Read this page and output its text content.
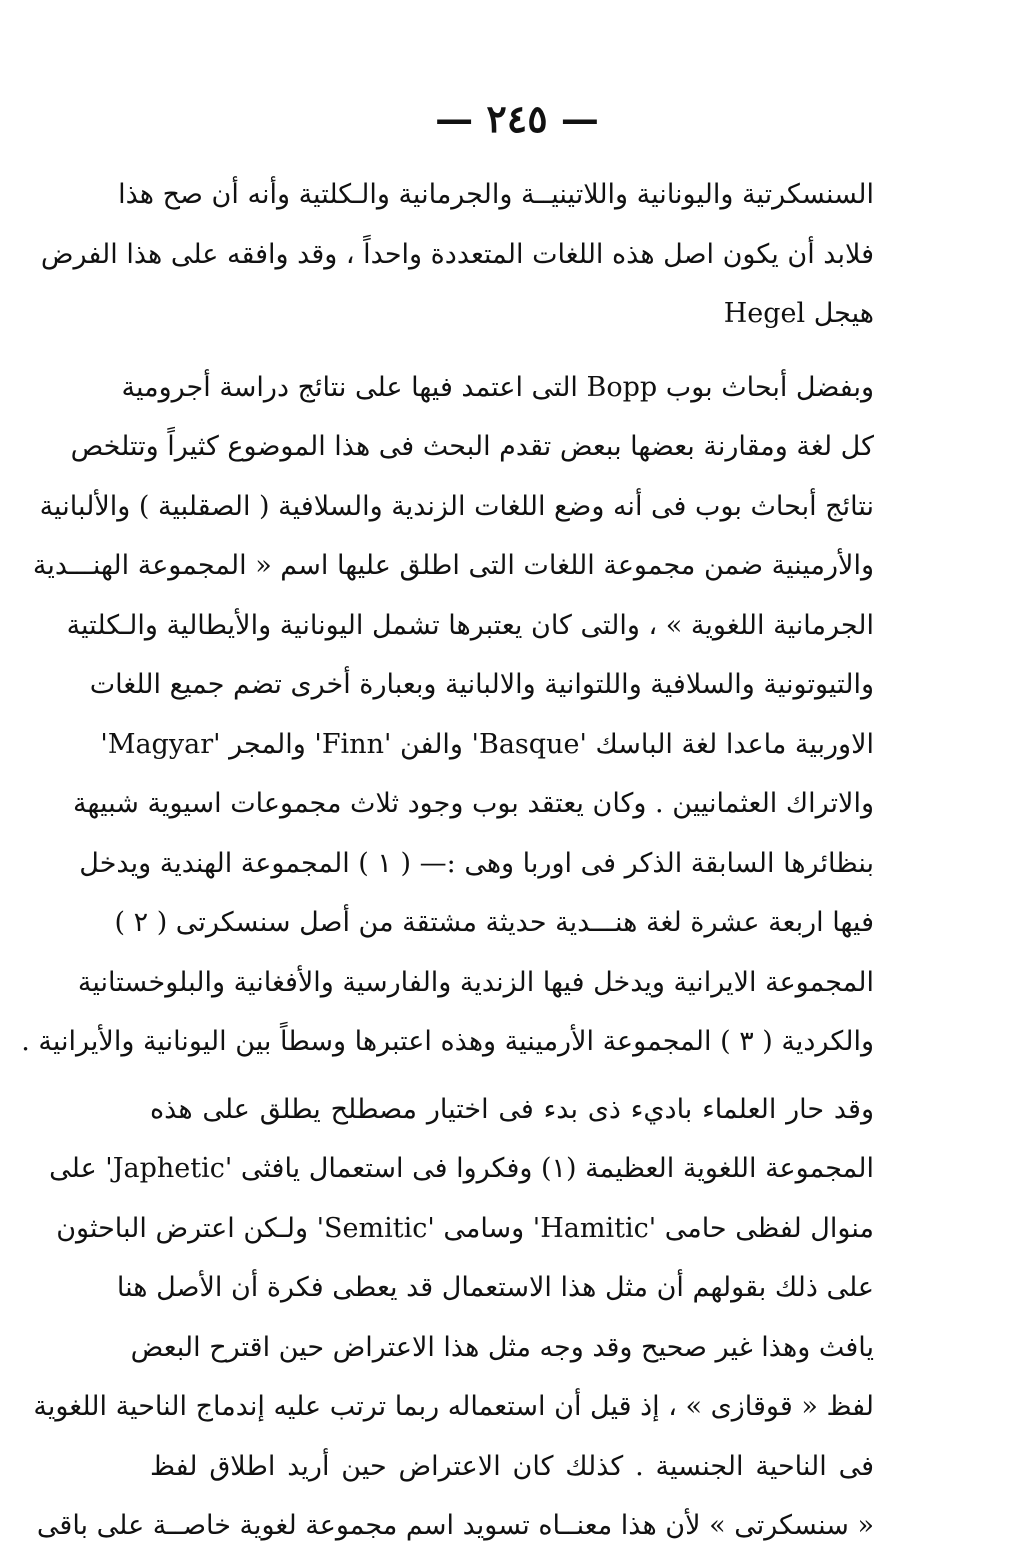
— ٢٤٥ —
السنسكرتية واليونانية واللاتينيــة والجرمانية والـكلتية وأنه أن صح هذا
فلابد أن يكون اصل هذه اللغات المتعددة واحداً ، وقد وافقه على هذا الفرض
هيجل Hegel
وبفضل أبحاث بوب Bopp التى اعتمد فيها على نتائج دراسة أجرومية
كل لغة ومقارنة بعضها ببعض تقدم البحث فى هذا الموضوع كثيراً وتتلخص
نتائج أبحاث بوب فى أنه وضع اللغات الزندية والسلافية ( الصقلبية ) والألبانية
والأرمينية ضمن مجموعة اللغات التى اطلق عليها اسم « المجموعة الهنـــدية
الجرمانية اللغوية » ، والتى كان يعتبرها تشمل اليونانية والأيطالية والـكلتية
والتيوتونية والسلافية واللتوانية والالبانية وبعبارة أخرى تضم جميع اللغات
الاوربية ماعدا لغة الباسك 'Basque' والفن 'Finn' والمجر 'Magyar'
والاتراك العثمانيين . وكان يعتقد بوب وجود ثلاث مجموعات اسيوية شبيهة
بنظائرها السابقة الذكر فى اوربا وهى :— ( ١ ) المجموعة الهندية ويدخل
فيها اربعة عشرة لغة هنـــدية حديثة مشتقة من أصل سنسكرتى ( ٢ )
المجموعة الايرانية ويدخل فيها الزندية والفارسية والأفغانية والبلوخستانية
والكردية ( ٣ ) المجموعة الأرمينية وهذه اعتبرها وسطاً بين اليونانية والأيرانية .
وقد حار العلماء باديء ذى بدء فى اختيار مصطلح يطلق على هذه
المجموعة اللغوية العظيمة (١) وفكروا فى استعمال يافثى 'Japhetic' على
منوال لفظى حامى 'Hamitic' وسامى 'Semitic' ولـكن اعترض الباحثون
على ذلك بقولهم أن مثل هذا الاستعمال قد يعطى فكرة أن الأصل هنا
يافث وهذا غير صحيح وقد وجه مثل هذا الاعتراض حين اقترح البعض
لفظ « قوقازى » ، إذ قيل أن استعماله ربما ترتب عليه إندماج الناحية اللغوية
فى الناحية الجنسية . كذلك كان الاعتراض حين أريد اطلاق لفظ
« سنسكرتى » لأن هذا معنــاه تسويد اسم مجموعة لغوية خاصــة على باقى
